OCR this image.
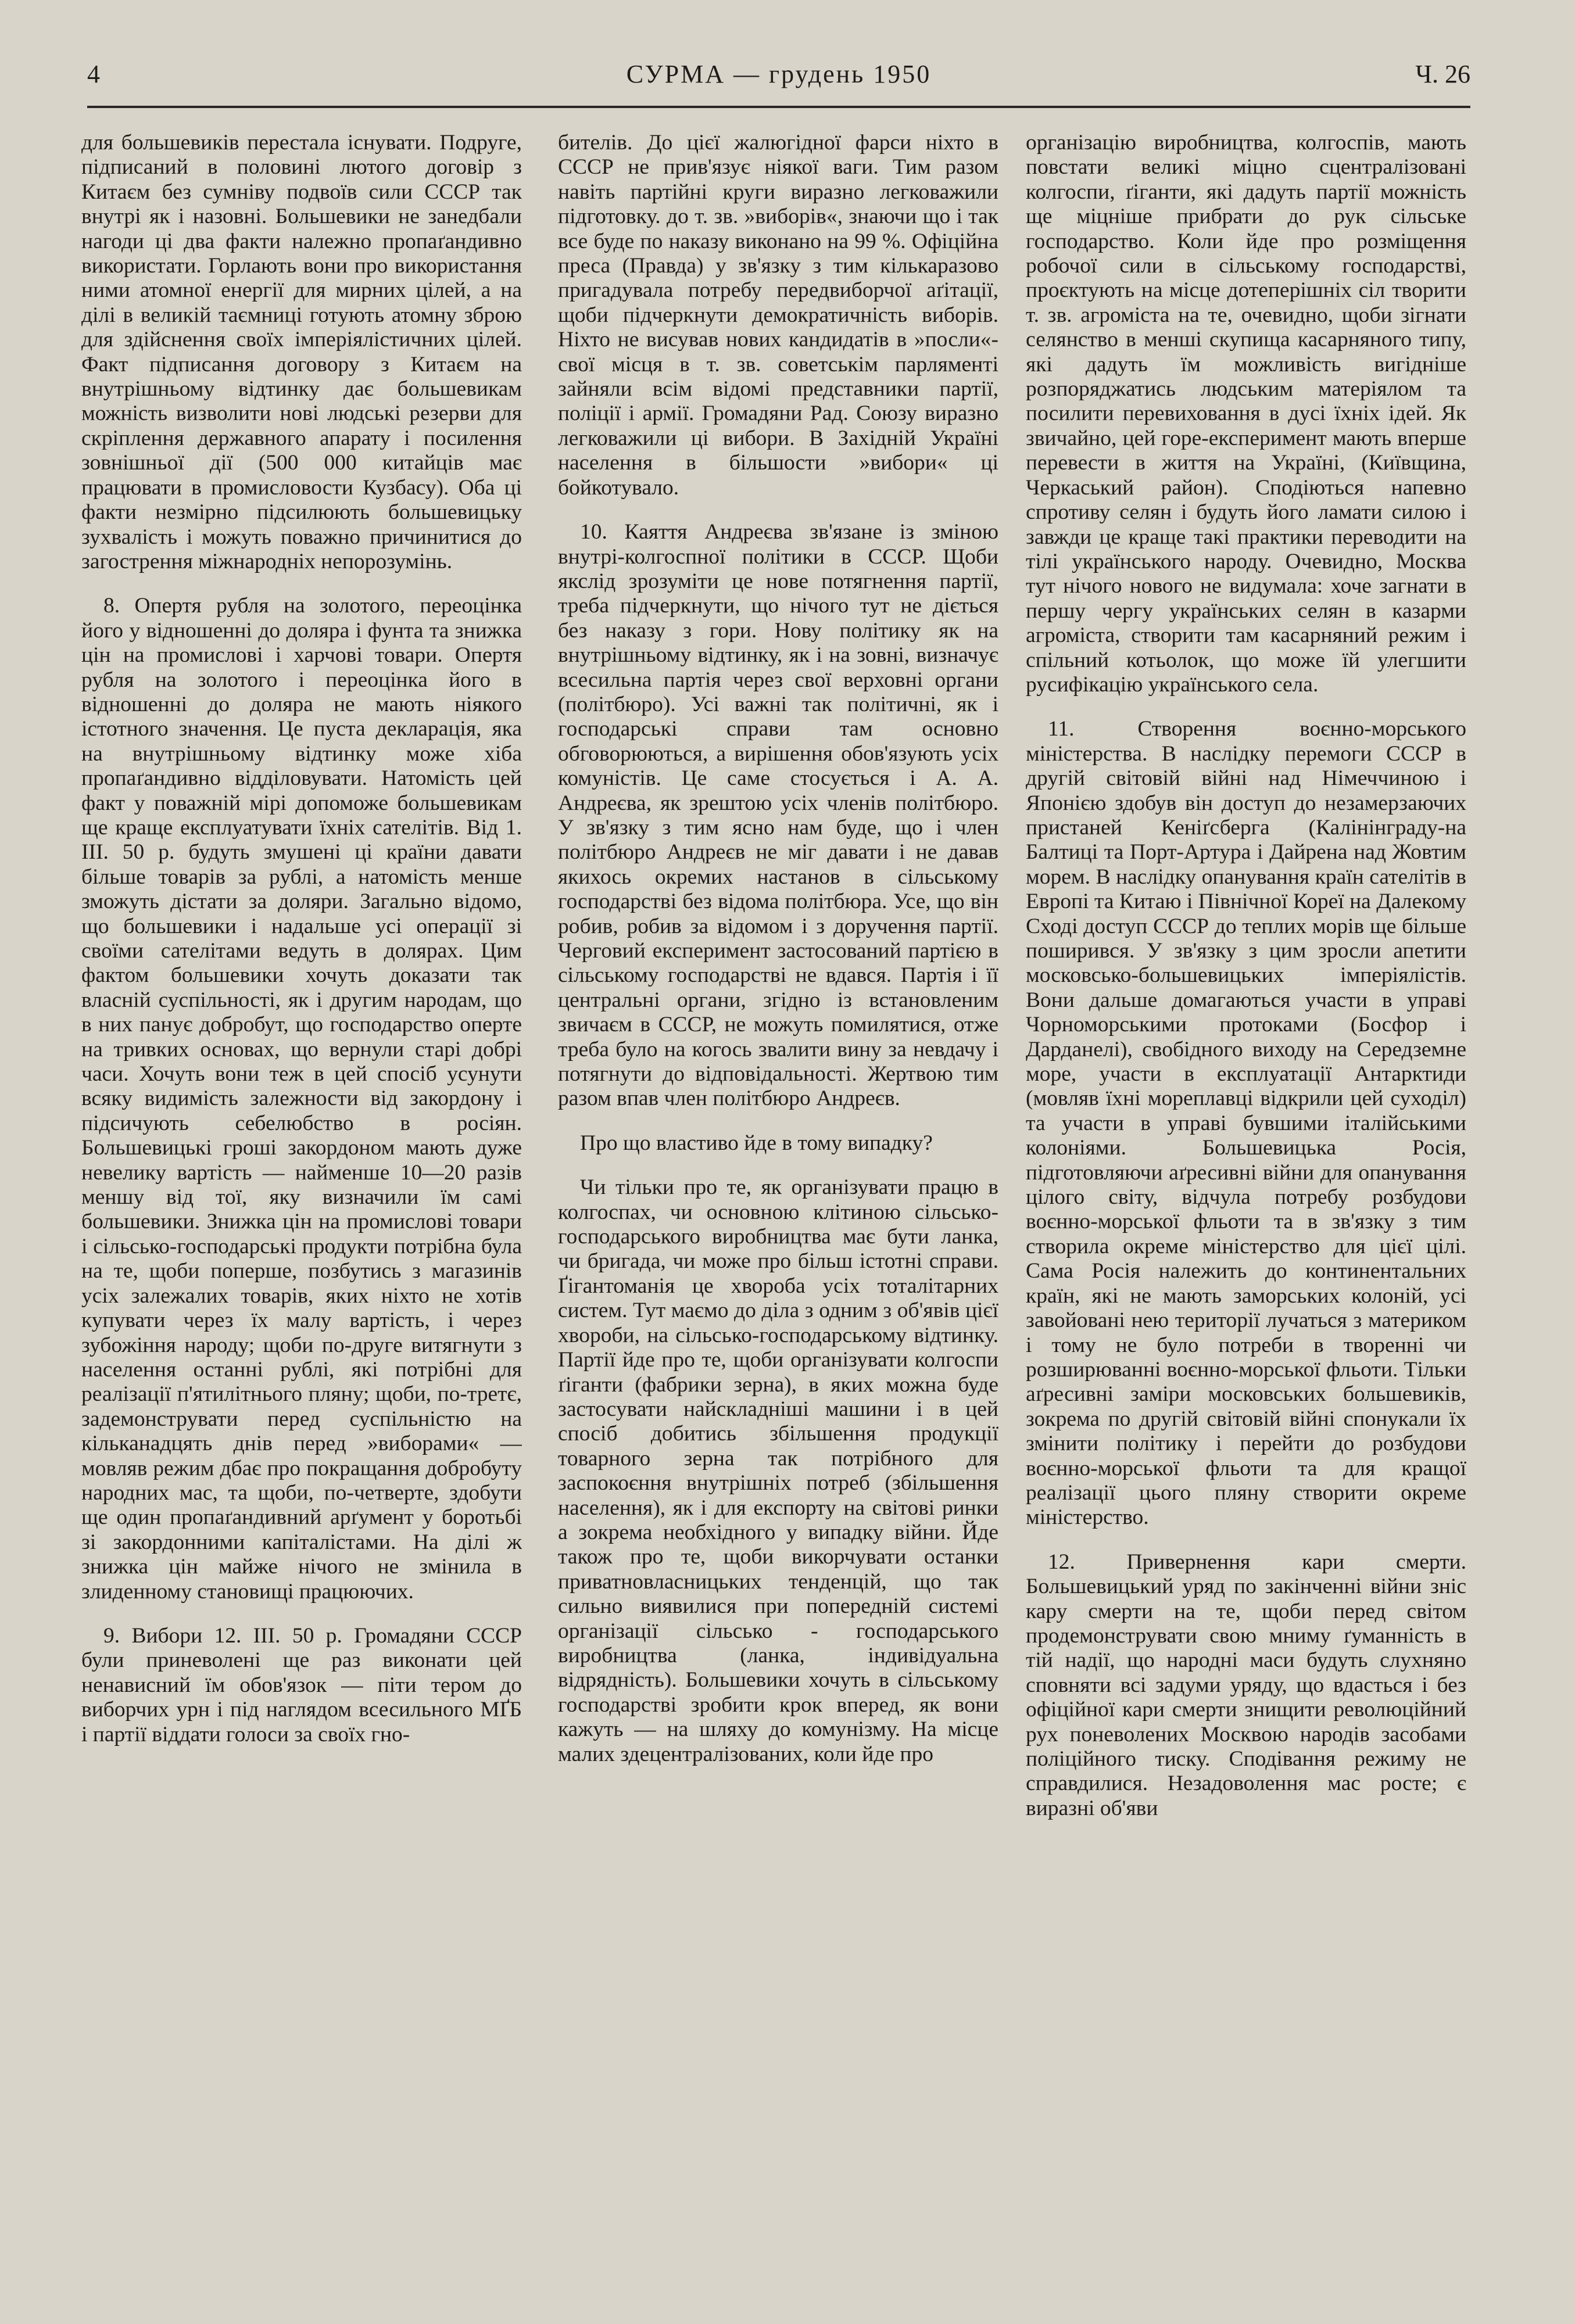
4	СУРМА — грудень 1950	Ч. 26

для большевиків перестала існувати. Подруге, підписаний в половині лютого договір з Китаєм без сумніву подвоїв сили СССР так внутрі як і назовні. Большевики не занедбали нагоди ці два факти належно пропаґандивно використати. Горлають вони про використання ними атомної енергії для мирних цілей, а на ділі в великій таємниці готують атомну зброю для здійснення своїх імперіялістичних цілей. Факт підписання договору з Китаєм на внутрішньому відтинку дає большевикам можність визволити нові людські резерви для скріплення державного апарату і посилення зовнішньої дії (500 000 китайців має працювати в промисловости Кузбасу). Оба ці факти незмірно підсилюють большевицьку зухвалість і можуть поважно причинитися до загострення міжнародніх непорозумінь.

8. Опертя рубля на золотого, переоцінка його у відношенні до доляра і фунта та знижка цін на промислові і харчові товари. Опертя рубля на золотого і переоцінка його в відношенні до доляра не мають ніякого істотного значення. Це пуста декларація, яка на внутрішньому відтинку може хіба пропаґандивно відділовувати. Натомість цей факт у поважній мірі допоможе большевикам ще краще експлуатувати їхніх сателітів. Від 1. III. 50 р. будуть змушені ці країни давати більше товарів за рублі, а натомість менше зможуть дістати за доляри. Загально відомо, що большевики і надальше усі операції зі своїми сателітами ведуть в долярах. Цим фактом большевики хочуть доказати так власній суспільності, як і другим народам, що в них панує добробут, що господарство оперте на тривких основах, що вернули старі добрі часи. Хочуть вони теж в цей спосіб усунути всяку видимість залежности від закордону і підсичують себелюбство в росіян. Большевицькі гроші закордоном мають дуже невелику вартість — найменше 10—20 разів меншу від тої, яку визначили їм самі большевики. Знижка цін на промислові товари і сільсько-господарські продукти потрібна була на те, щоби поперше, позбутись з магазинів усіх залежалих товарів, яких ніхто не хотів купувати через їх малу вартість, і через зубожіння народу; щоби по-друге витягнути з населення останні рублі, які потрібні для реалізації п'ятилітнього пляну; щоби, по-третє, задемонструвати перед суспільністю на кільканадцять днів перед »виборами« — мовляв режим дбає про покращання добробуту народних мас, та щоби, по-четверте, здобути ще один пропаґандивний арґумент у боротьбі зі закордонними капіталістами. На ділі ж знижка цін майже нічого не змінила в злиденному становищі працюючих.

9. Вибори 12. III. 50 р. Громадяни СССР були приневолені ще раз виконати цей ненависний їм обов'язок — піти тером до виборчих урн і під наглядом всесильного МҐБ і партії віддати голоси за своїх гно-

бителів. До цієї жалюгідної фарси ніхто в СССР не прив'язує ніякої ваги. Тим разом навіть партійні круги виразно легковажили підготовку. до т. зв. »виборів«, знаючи що і так все буде по наказу виконано на 99 %. Офіційна преса (Правда) у зв'язку з тим кількаразово пригадувала потребу передвиборчої аґітації, щоби підчеркнути демократичність виборів. Ніхто не висував нових кандидатів в »посли«-свої місця в т. зв. советськім парляменті зайняли всім відомі представники партії, поліції і армії. Громадяни Рад. Союзу виразно легковажили ці вибори. В Західній Україні населення в більшости »вибори« ці бойкотувало.

10. Каяття Андреєва зв'язане із зміною внутрі-колгоспної політики в СССР. Щоби якслід зрозуміти це нове потягнення партії, треба підчеркнути, що нічого тут не діється без наказу з гори. Нову політику як на внутрішньому відтинку, як і на зовні, визначує всесильна партія через свої верховні органи (політбюро). Усі важні так політичні, як і господарські справи там основно обговорюються, а вирішення обов'язують усіх комуністів. Це саме стосується і А. А. Андреєва, як зрештою усіх членів політбюро. У зв'язку з тим ясно нам буде, що і член політбюро Андреєв не міг давати і не давав якихось окремих настанов в сільському господарстві без відома політбюра. Усе, що він робив, робив за відомом і з доручення партії. Черговий експеримент застосований партією в сільському господарстві не вдався. Партія і її центральні органи, згідно із встановленим звичаєм в СССР, не можуть помилятися, отже треба було на когось звалити вину за невдачу і потягнути до відповідальності. Жертвою тим разом впав член політбюро Андреєв.

Про що властиво йде в тому випадку?

Чи тільки про те, як організувати працю в колгоспах, чи основною клітиною сільсько-господарського виробництва має бути ланка, чи бригада, чи може про більш істотні справи. Ґігантоманія це хвороба усіх тоталітарних систем. Тут маємо до діла з одним з об'явів цієї хвороби, на сільсько-господарському відтинку. Партії йде про те, щоби організувати колгоспи ґіганти (фабрики зерна), в яких можна буде застосувати найскладніші машини і в цей спосіб добитись збільшення продукції товарного зерна так потрібного для заспокоєння внутрішніх потреб (збільшення населення), як і для експорту на світові ринки а зокрема необхідного у випадку війни. Йде також про те, щоби викорчувати останки приватновласницьких тенденцій, що так сильно виявилися при попередній системі організації сільсько - господарського виробництва (ланка, індивідуальна відрядність). Большевики хочуть в сільському господарстві зробити крок вперед, як вони кажуть — на шляху до комунізму. На місце малих здецентралізованих, коли йде про

організацію виробництва, колгоспів, мають повстати великі міцно сцентралізовані колгоспи, ґіганти, які дадуть партії можність ще міцніше прибрати до рук сільське господарство. Коли йде про розміщення робочої сили в сільському господарстві, проєктують на місце дотеперішніх сіл творити т. зв. агроміста на те, очевидно, щоби зігнати селянство в менші скупища касарняного типу, які дадуть їм можливість вигідніше розпоряджатись людським матеріялом та посилити перевиховання в дусі їхніх ідей. Як звичайно, цей горе-експеримент мають вперше перевести в життя на Україні, (Київщина, Черкаський район). Сподіються напевно спротиву селян і будуть його ламати силою і завжди це краще такі практики переводити на тілі українського народу. Очевидно, Москва тут нічого нового не видумала: хоче загнати в першу чергу українських селян в казарми агроміста, створити там касарняний режим і спільний котьолок, що може їй улегшити русифікацію українського села.

11. Створення воєнно-морського міністерства. В наслідку перемоги СССР в другій світовій війні над Німеччиною і Японією здобув він доступ до незамерзаючих пристаней Кеніґсберга (Калінінграду-на Балтиці та Порт-Артура і Дайрена над Жовтим морем. В наслідку опанування країн сателітів в Европі та Китаю і Північної Кореї на Далекому Сході доступ СССР до теплих морів ще більше поширився. У зв'язку з цим зросли апетити московсько-большевицьких імперіялістів. Вони дальше домагаються участи в управі Чорноморськими протоками (Босфор і Дарданелі), свобідного виходу на Середземне море, участи в експлуатації Антарктиди (мовляв їхні мореплавці відкрили цей суходіл) та участи в управі бувшими італійськими колоніями. Большевицька Росія, підготовляючи аґресивні війни для опанування цілого світу, відчула потребу розбудови воєнно-морської фльоти та в зв'язку з тим створила окреме міністерство для цієї цілі. Сама Росія належить до континентальних країн, які не мають заморських колоній, усі завойовані нею території лучаться з материком і тому не було потреби в творенні чи розширюванні воєнно-морської фльоти. Тільки аґресивні заміри московських большевиків, зокрема по другій світовій війні спонукали їх змінити політику і перейти до розбудови воєнно-морської фльоти та для кращої реалізації цього пляну створити окреме міністерство.

12. Привернення кари смерти. Большевицький уряд по закінченні війни зніс кару смерти на те, щоби перед світом продемонструвати свою мниму ґуманність в тій надії, що народні маси будуть слухняно сповняти всі задуми уряду, що вдасться і без офіційної кари смерти знищити революційний рух поневолених Москвою народів засобами поліційного тиску. Сподівання режиму не справдилися. Незадоволення мас росте; є виразні об'яви
